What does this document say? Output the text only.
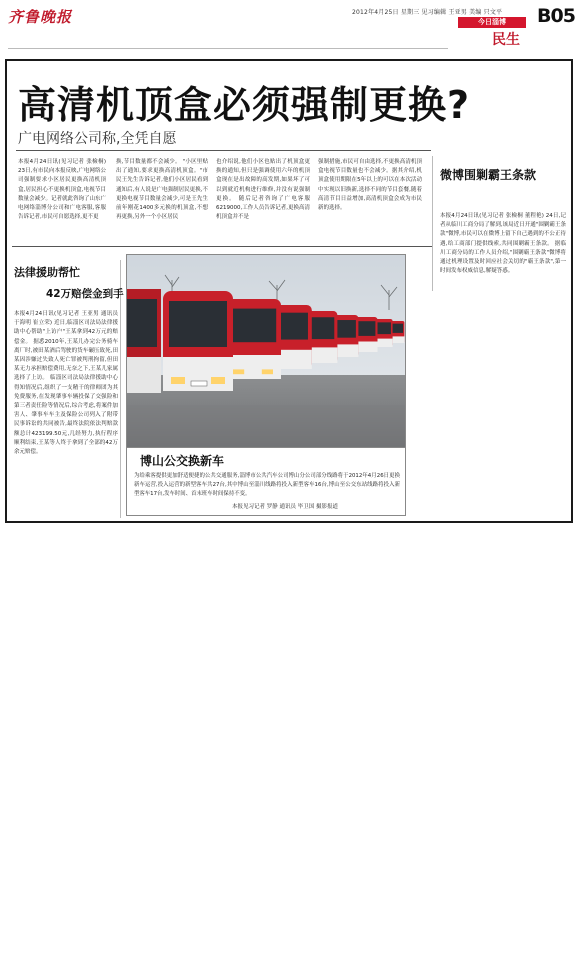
齐鲁晚报	2012年4月25日 星期三 见习编辑 王亚男 美编 只文平
今日淄博
民生
B05
高清机顶盒必须强制更换?
广电网络公司称,全凭自愿
本报4月24日讯(见习记者 张檢桐) 23日,有市民向本报反映,广电网络公司强制要求小区居民更换高清机顶盒,居民担心不更换机顶盒,电视节目数量会减少。记者就此咨询了山东广电网络淄博分公司和广电客服,客服告诉记者,市民可自愿选择,更不更
换,节目数量都不会减少。 "小区里贴出了通知,要求更换高清机顶盒。"市民王先生告诉记者,他们小区居民看到通知后,有人说是广电强制居民更换,不更换电视节目数量会减少,可是王先生前年刚花1400多元换的机顶盒,不想再更换,另外一个小区居民
也介绍说,他们小区也贴出了机顶盒更换的通知,但只是强调使用六年的机顶盒现在是出故障的高发期,如果坏了可以到就近机构进行维修,并没有说强制更换。 随后记者咨询了广电客服6219000,工作人员告诉记者,更换高清机顶盒并不是
强制措施,市民可自由选择,不更换高清机顶盒电视节目数量也不会减少。据其介绍,机顶盒使用期限在5年以上的可以在本次活动中实现以旧换新,选择不同的节目套餐,随着高清节目日益增加,高清机顶盒会成为市民新的选择。
微博围剿霸王条款
本报4月24日讯(见习记者 张檢桐 董程艳) 24日,记者从临川工商分局了解到,该局近日开通"围剿霸王条款"微博,市民可以在微博上留下自己遇到的不公正待遇,给工商部门提供线索,共同围剿霸王条款。 据临川工商分局的工作人员介绍,"围剿霸王条款"微博将通过机理设置及时回应社会关切的"霸王条款",第一时间发布权威信息,解疑答惑。
法律援助帮忙
42万赔偿金到手
本报4月24日讯(见习记者 王亚男 通讯员 于海明 崔立荣) 近日,临淄区司法局法律援助中心帮助"上访户"王某拿到42万元的赔偿金。 据悉2010年,王某儿办完公务骑车离厂时,被田某酒后驾驶的货车碾压致死,田某因涉嫌过失致人死亡罪被判刑拘留,但田某无力承担赔偿费用,无奈之下,王某儿家属选择了上访。 临淄区司法局法律援助中心得知情况后,组织了一支精干的律师团为其免费服务,在发现肇事车辆投保了交强险和第三者责任险等情况后,综合考虑,将案件加害人、肇事车车主及保险公司列入了附带民事诉讼的共同被告,最终法院依法判赔款额总计423199.50元,几经努力,执行程序顺利结束,王某等人终于拿到了全部的42万余元赔偿。
博山公交换新车
为给乘客提供更加舒适便捷的公共交通服务,淄博市公共汽车公司博山分公司部分线路将于2012年4月26日更换新车运营,投入运营的新型客车共27台,其中博山至淄川线路将投入新型客车16台,博山至公交东站线路将投入新型客车17台,发车时间、首末班车时间保持不变。
本报见习记者 罗静 通讯员 毕卫国 摄影报道
